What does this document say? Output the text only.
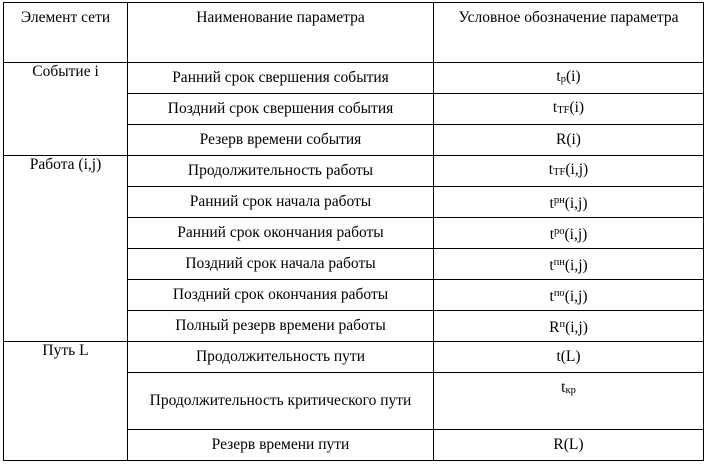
Элемент сети	Наименование параметра	Условное обозначение параметра
Событие i	Ранний срок свершения события	$t_р(i)$
	Поздний срок свершения события	$t_{ТF}(i)$
	Резерв времени события	R(i)
Работа (i,j)	Продолжительность работы	$t_{ТF}(i,j)$
	Ранний срок начала работы	$t^{рн}(i,j)$
	Ранний срок окончания работы	$t^{ро}(i,j)$
	Поздний срок начала работы	$t^{пн}(i,j)$
	Поздний срок окончания работы	$t^{по}(i,j)$
	Полный резерв времени работы	$R^п(i,j)$
Путь L	Продолжительность пути	t(L)
	Продолжительность критического пути	$t_{кр}$
	Резерв времени пути	R(L)
